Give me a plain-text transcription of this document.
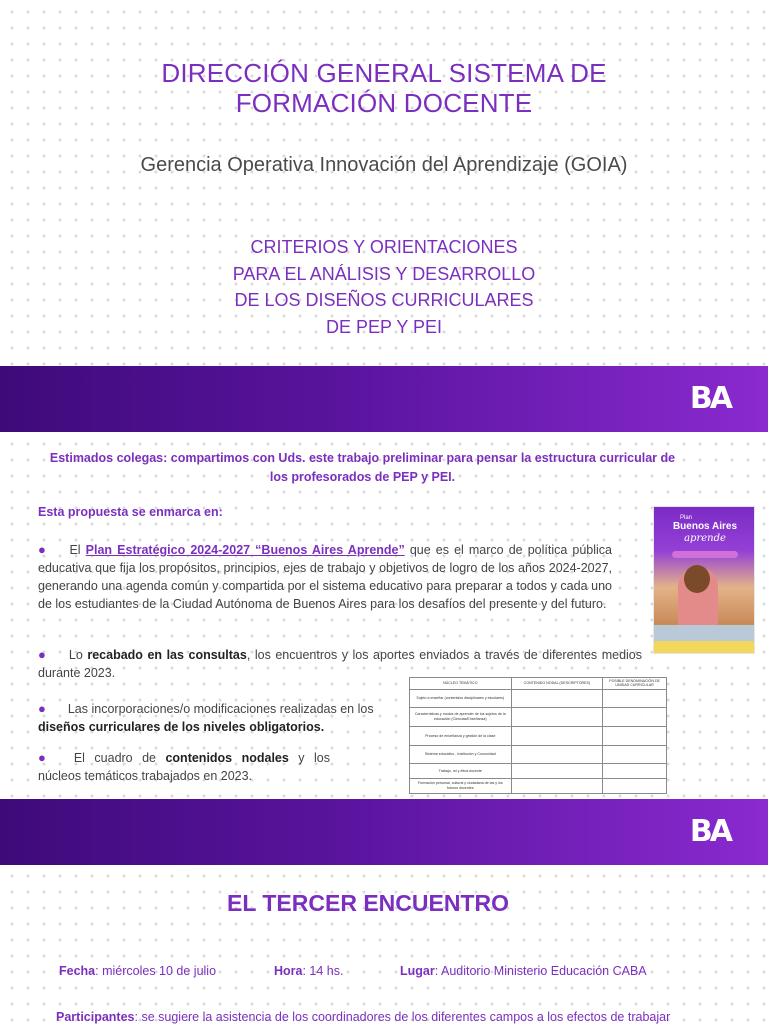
DIRECCIÓN GENERAL SISTEMA DE
FORMACIÓN DOCENTE
Gerencia Operativa Innovación del Aprendizaje (GOIA)
CRITERIOS Y ORIENTACIONES
PARA EL ANÁLISIS Y DESARROLLO
DE LOS DISEÑOS CURRICULARES
DE PEP Y PEI
BA
Estimados colegas: compartimos con Uds. este trabajo preliminar para pensar la estructura curricular de
los profesorados de PEP y PEI.
Esta propuesta se enmarca en:
● El Plan Estratégico 2024-2027 “Buenos Aires Aprende” que es el marco de política pública educativa que fija los propósitos, principios, ejes de trabajo y objetivos de logro de los años 2024-2027, generando una agenda común y compartida por el sistema educativo para preparar a todos y cada uno de los estudiantes de la Ciudad Autónoma de Buenos Aires para los desafíos del presente y del futuro.
● Lo recabado en las consultas, los encuentros y los aportes enviados a través de diferentes medios durante 2023.
● Las incorporaciones/o modificaciones realizadas en los diseños curriculares de los niveles obligatorios.
● El cuadro de contenidos nodales y los núcleos temáticos trabajados en 2023.
Plan
Buenos Aires
aprende
NÚCLEO TEMÁTICO	CONTENIDO NODAL (DESCRIPTORES)	POSIBLE DENOMINACIÓN DE UNIDAD CURRICULAR
Sujeto a enseñar (contenidos disciplinares y escolares)		
Características y modos de aprender de los sujetos de la educación (Ciencias/Enseñanza)		
Proceso de enseñanza y gestión de la clase		
Sistema educativo - Institución y Comunidad		
Trabajo, rol y ética docente		
Formación personal, cultural y ciudadana de las y los futuros docentes		
BA
EL TERCER ENCUENTRO
Fecha: miércoles 10 de julio	Hora: 14 hs.	Lugar: Auditorio Ministerio Educación CABA
Participantes: se sugiere la asistencia de los coordinadores de los diferentes campos a los efectos de trabajar
